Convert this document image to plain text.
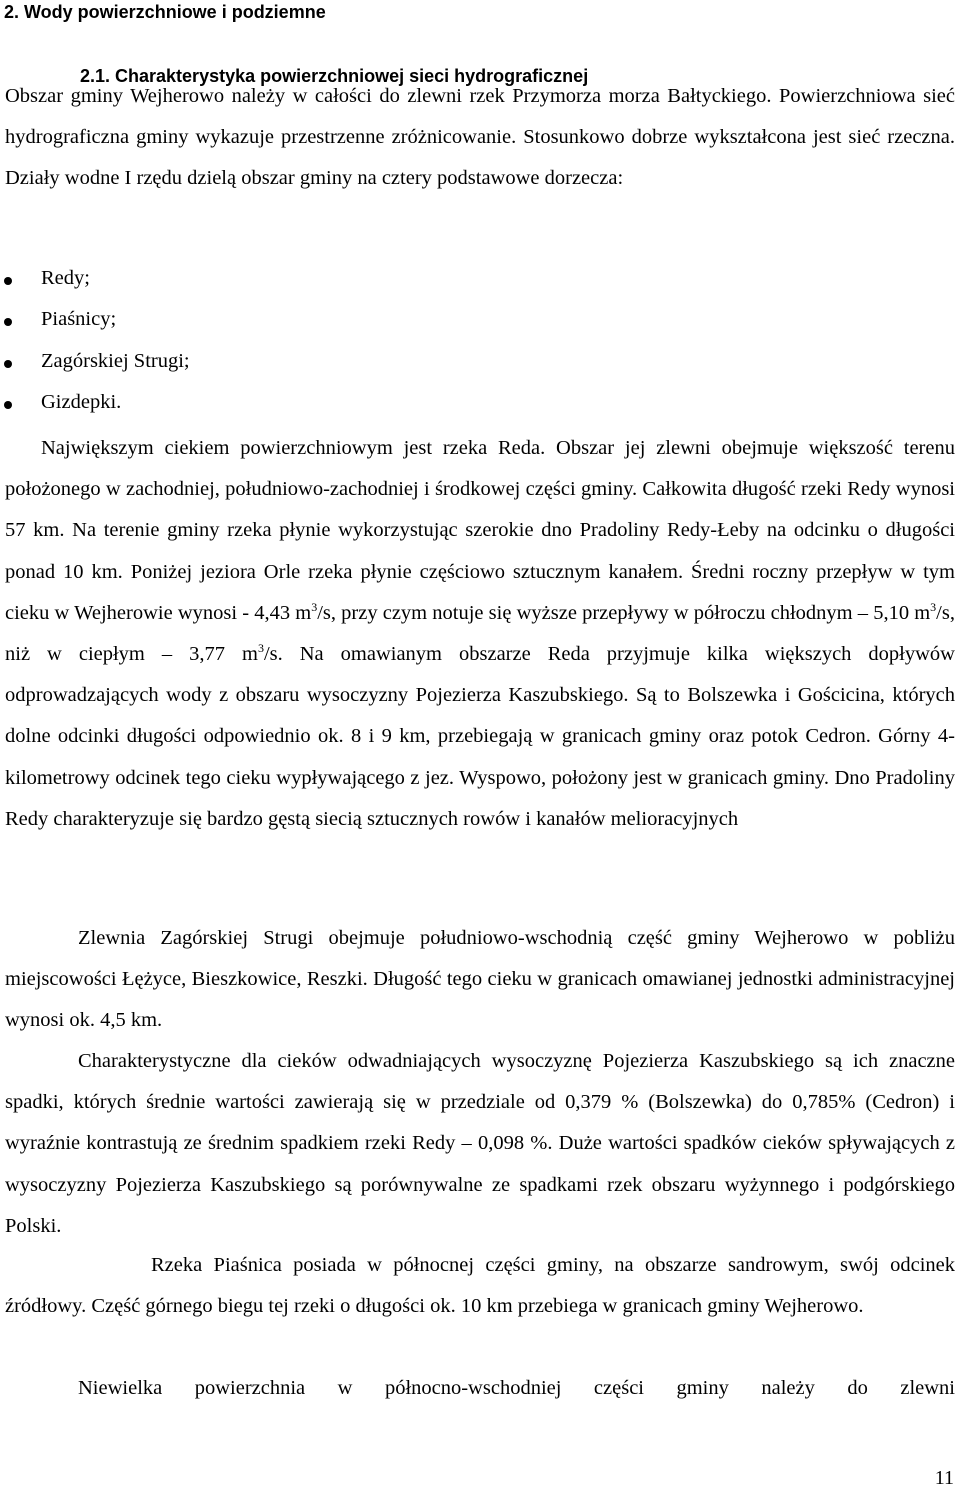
2. Wody powierzchniowe i podziemne
2.1. Charakterystyka powierzchniowej sieci hydrograficznej
Obszar gminy Wejherowo należy w całości do zlewni rzek Przymorza morza Bałtyckiego. Powierzchniowa sieć hydrograficzna gminy wykazuje przestrzenne zróżnicowanie. Stosunkowo dobrze wykształcona jest sieć rzeczna. Działy wodne I rzędu dzielą obszar gminy na cztery podstawowe dorzecza:
Redy;
Piaśnicy;
Zagórskiej Strugi;
Gizdepki.
Największym ciekiem powierzchniowym jest rzeka Reda. Obszar jej zlewni obejmuje większość terenu położonego w zachodniej, południowo-zachodniej i środkowej części gminy. Całkowita długość rzeki Redy wynosi 57 km. Na terenie gminy rzeka płynie wykorzystując szerokie dno Pradoliny Redy-Łeby na odcinku o długości ponad 10 km. Poniżej jeziora Orle rzeka płynie częściowo sztucznym kanałem. Średni roczny przepływ w tym cieku w Wejherowie wynosi - 4,43 $m^3/s$, przy czym notuje się wyższe przepływy w półroczu chłodnym – 5,10 $m^3/s$, niż w ciepłym – 3,77 $m^3/s$. Na omawianym obszarze Reda przyjmuje kilka większych dopływów odprowadzających wody z obszaru wysoczyzny Pojezierza Kaszubskiego. Są to Bolszewka i Gościcina, których dolne odcinki długości odpowiednio ok. 8 i 9 km, przebiegają w granicach gminy oraz potok Cedron. Górny 4-kilometrowy odcinek tego cieku wypływającego z jez. Wyspowo, położony jest w granicach gminy. Dno Pradoliny Redy charakteryzuje się bardzo gęstą siecią sztucznych rowów i kanałów melioracyjnych
Zlewnia Zagórskiej Strugi obejmuje południowo-wschodnią część gminy Wejherowo w pobliżu miejscowości Łężyce, Bieszkowice, Reszki. Długość tego cieku w granicach omawianej jednostki administracyjnej wynosi ok. 4,5 km.
Charakterystyczne dla cieków odwadniających wysoczyznę Pojezierza Kaszubskiego są ich znaczne spadki, których średnie wartości zawierają się w przedziale od 0,379 % (Bolszewka) do 0,785% (Cedron) i wyraźnie kontrastują ze średnim spadkiem rzeki Redy – 0,098 %. Duże wartości spadków cieków spływających z wysoczyzny Pojezierza Kaszubskiego są porównywalne ze spadkami rzek obszaru wyżynnego i podgórskiego Polski.
Rzeka Piaśnica posiada w północnej części gminy, na obszarze sandrowym, swój odcinek źródłowy. Część górnego biegu tej rzeki o długości ok. 10 km przebiega w granicach gminy Wejherowo.
Niewielka powierzchnia w północno-wschodniej części gminy należy do zlewni
11
